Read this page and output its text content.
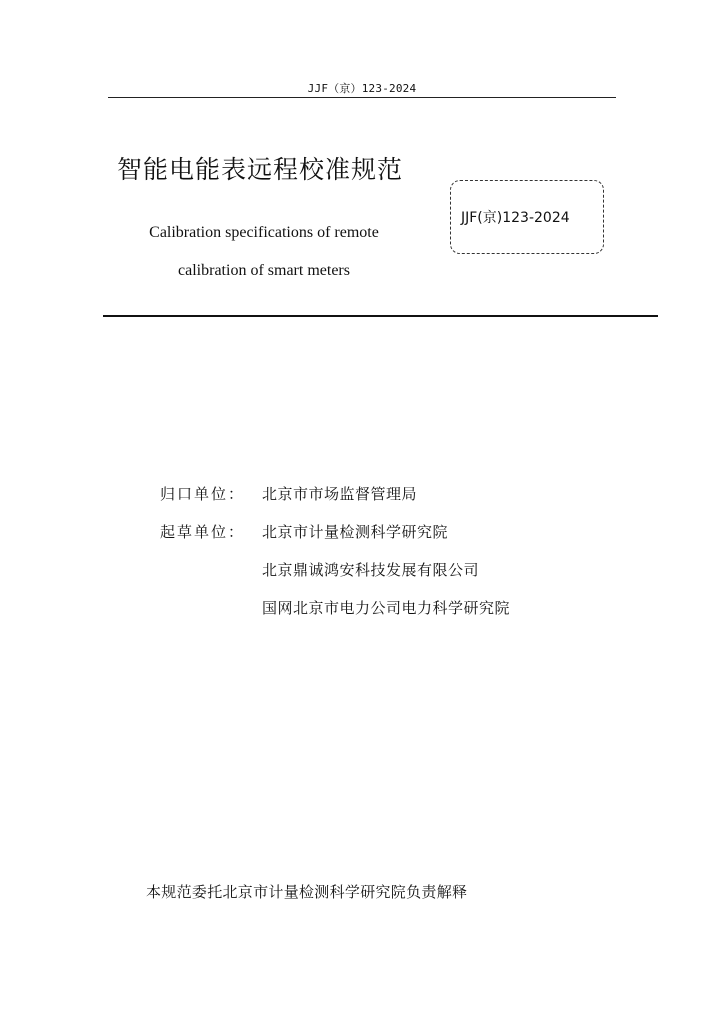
JJF（京）123-2024
智能电能表远程校准规范
Calibration specifications of remote
calibration of smart meters
JJF(京)123-2024
归口单位：	北京市市场监督管理局
起草单位：	北京市计量检测科学研究院
北京鼎诚鸿安科技发展有限公司
国网北京市电力公司电力科学研究院
本规范委托北京市计量检测科学研究院负责解释
